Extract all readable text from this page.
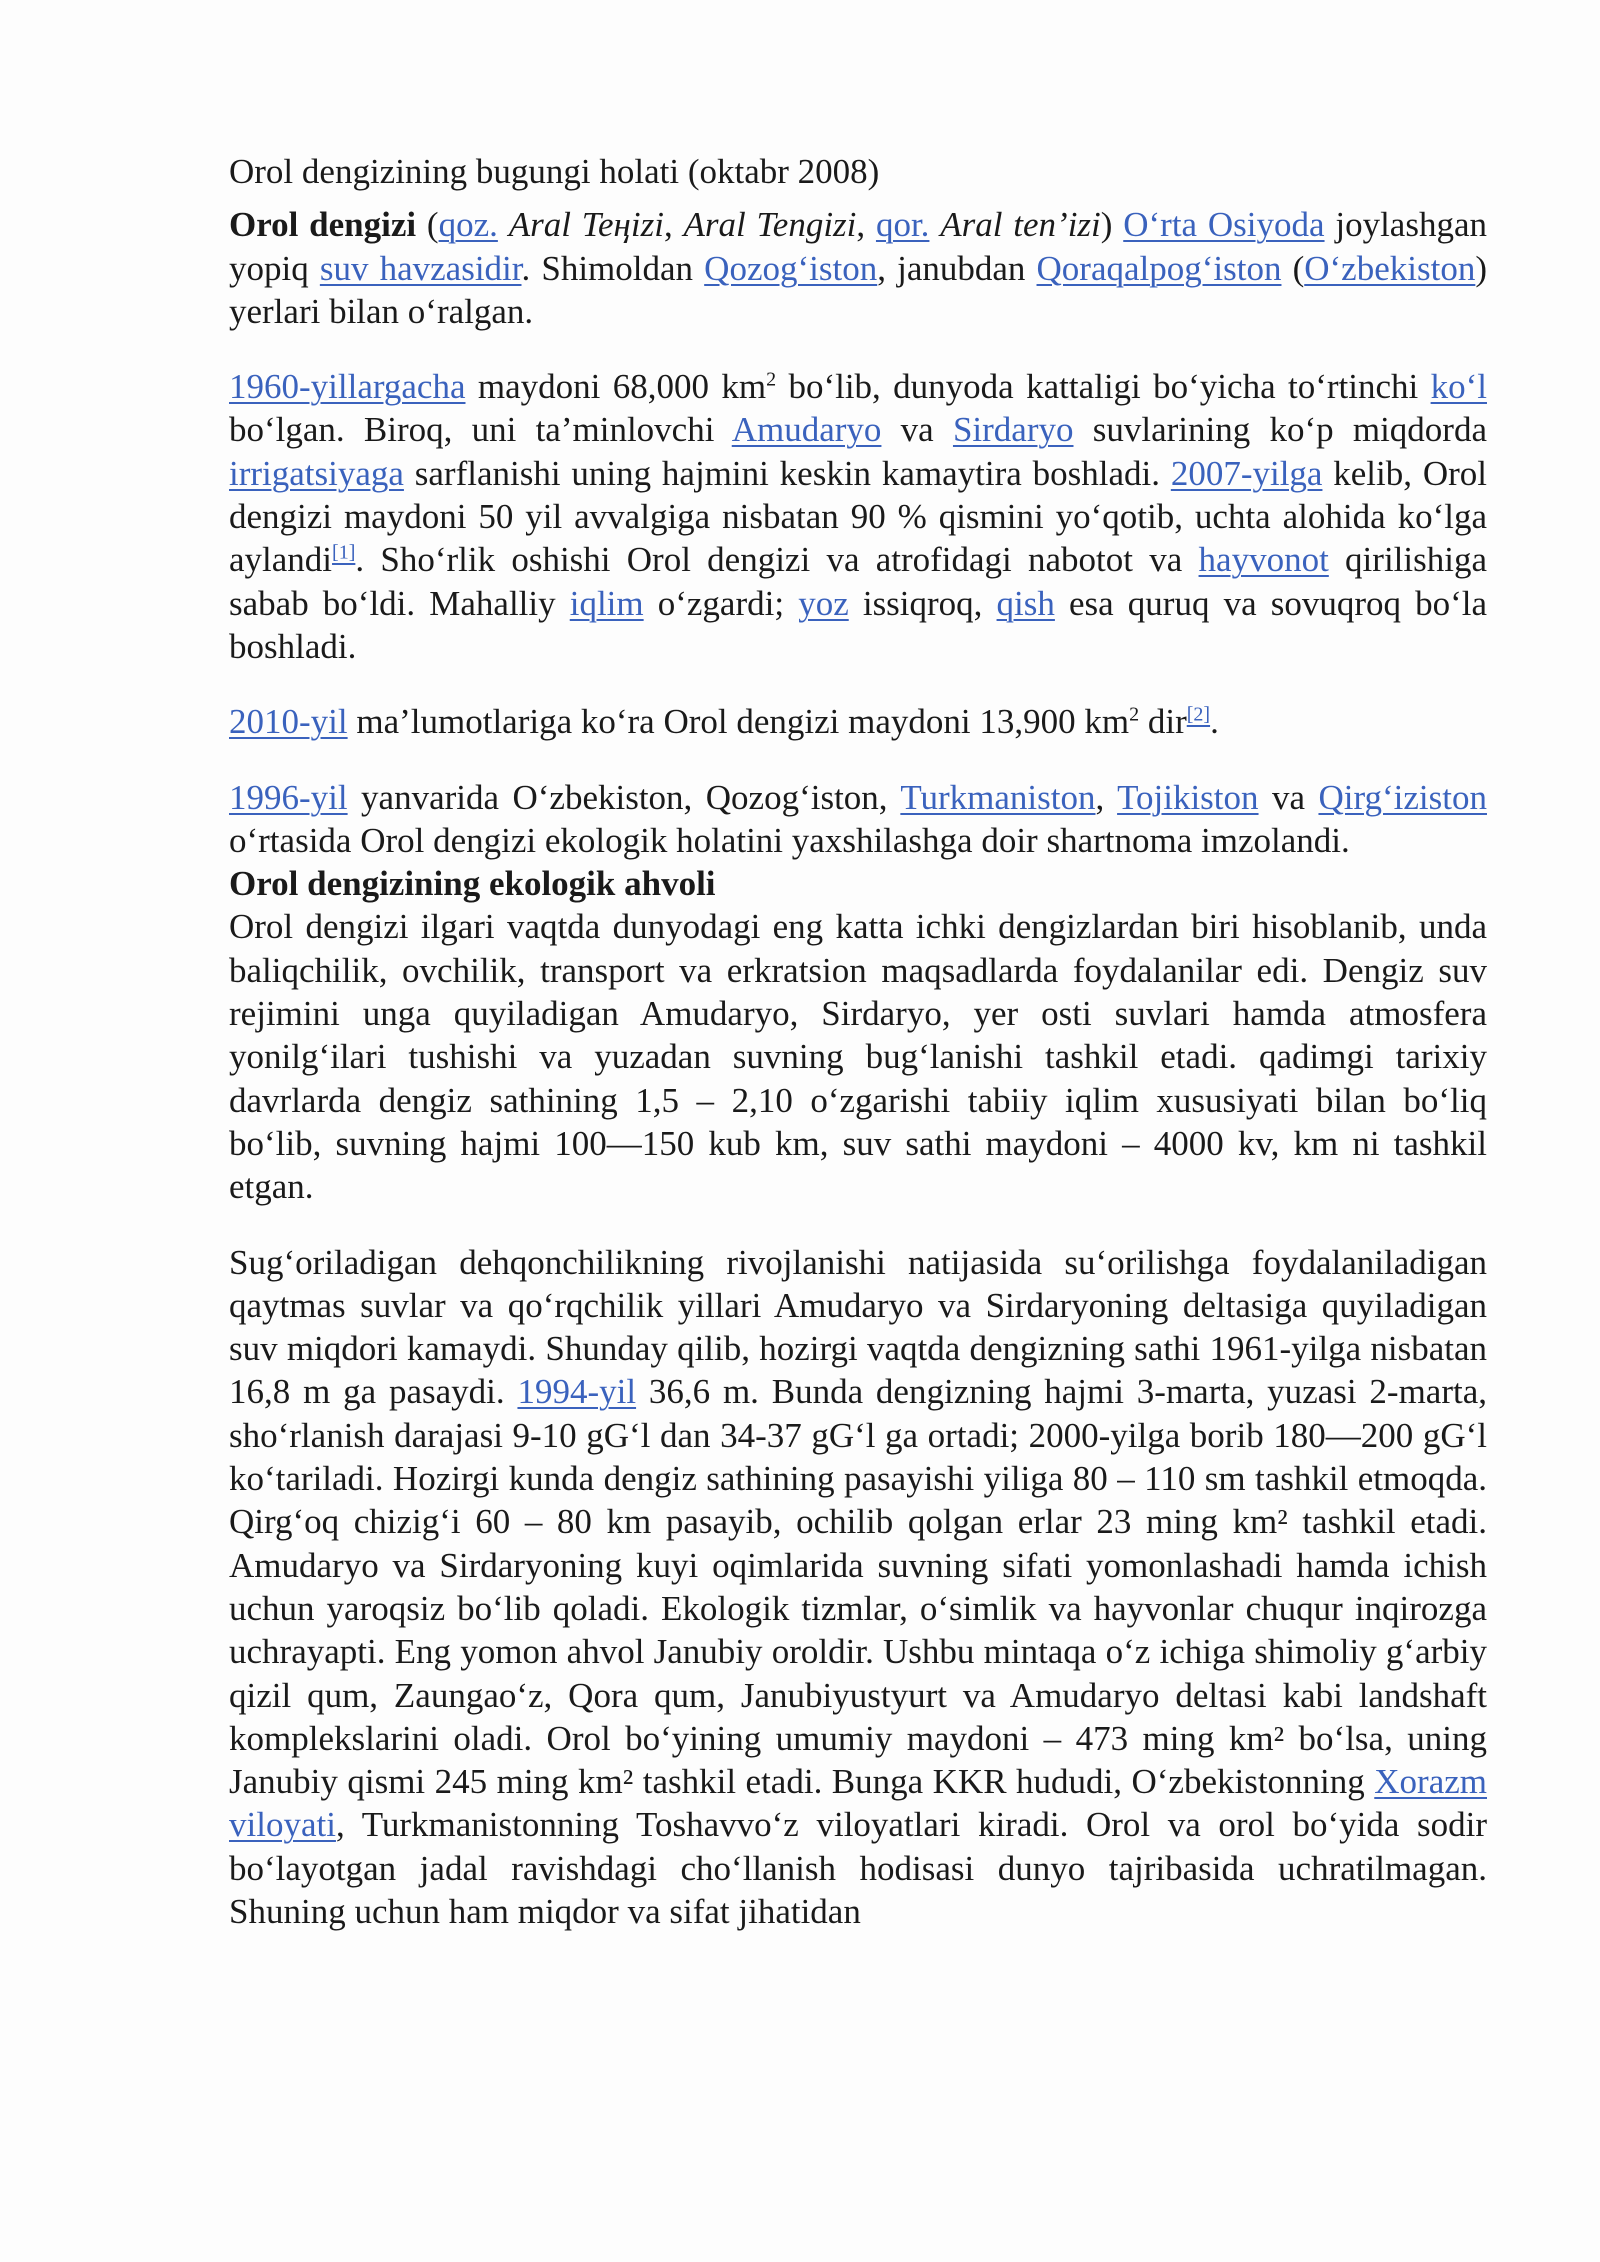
Orol dengizining bugungi holati (oktabr 2008)

Orol dengizi (qoz. Aral Teңizi, Aral Tengizi, qor. Aral ten’izi) O‘rta Osiyoda joylashgan yopiq suv havzasidir. Shimoldan Qozog‘iston, janubdan Qoraqalpog‘iston (O‘zbekiston) yerlari bilan o‘ralgan.

1960-yillargacha maydoni 68,000 $km^2$ bo‘lib, dunyoda kattaligi bo‘yicha to‘rtinchi ko‘l bo‘lgan. Biroq, uni ta’minlovchi Amudaryo va Sirdaryo suvlarining ko‘p miqdorda irrigatsiyaga sarflanishi uning hajmini keskin kamaytira boshladi. 2007-yilga kelib, Orol dengizi maydoni 50 yil avvalgiga nisbatan 90 % qismini yo‘qotib, uchta alohida ko‘lga aylandi[1]. Sho‘rlik oshishi Orol dengizi va atrofidagi nabotot va hayvonot qirilishiga sabab bo‘ldi. Mahalliy iqlim o‘zgardi; yoz issiqroq, qish esa quruq va sovuqroq bo‘la boshladi.

2010-yil ma’lumotlariga ko‘ra Orol dengizi maydoni 13,900 $km^2$ dir[2].

1996-yil yanvarida O‘zbekiston, Qozog‘iston, Turkmaniston, Tojikiston va Qirg‘iziston o‘rtasida Orol dengizi ekologik holatini yaxshilashga doir shartnoma imzolandi.

Orol dengizining ekologik ahvoli

Orol dengizi ilgari vaqtda dunyodagi eng katta ichki dengizlardan biri hisoblanib, unda baliqchilik, ovchilik, transport va erkratsion maqsadlarda foydalanilar edi. Dengiz suv rejimini unga quyiladigan Amudaryo, Sirdaryo, yer osti suvlari hamda atmosfera yonilg‘ilari tushishi va yuzadan suvning bug‘lanishi tashkil etadi. qadimgi tarixiy davrlarda dengiz sathining 1,5 – 2,10 o‘zgarishi tabiiy iqlim xususiyati bilan bo‘liq bo‘lib, suvning hajmi 100—150 kub km, suv sathi maydoni – 4000 kv, km ni tashkil etgan.

Sug‘oriladigan dehqonchilikning rivojlanishi natijasida su‘orilishga foydalaniladigan qaytmas suvlar va qo‘rqchilik yillari Amudaryo va Sirdaryoning deltasiga quyiladigan suv miqdori kamaydi. Shunday qilib, hozirgi vaqtda dengizning sathi 1961-yilga nisbatan 16,8 m ga pasaydi. 1994-yil 36,6 m. Bunda dengizning hajmi 3-marta, yuzasi 2-marta, sho‘rlanish darajasi 9-10 gG‘l dan 34-37 gG‘l ga ortadi; 2000-yilga borib 180—200 gG‘l ko‘tariladi. Hozirgi kunda dengiz sathining pasayishi yiliga 80 – 110 sm tashkil etmoqda. Qirg‘oq chizig‘i 60 – 80 km pasayib, ochilib qolgan erlar 23 ming km² tashkil etadi. Amudaryo va Sirdaryoning kuyi oqimlarida suvning sifati yomonlashadi hamda ichish uchun yaroqsiz bo‘lib qoladi. Ekologik tizmlar, o‘simlik va hayvonlar chuqur inqirozga uchrayapti. Eng yomon ahvol Janubiy oroldir. Ushbu mintaqa o‘z ichiga shimoliy g‘arbiy qizil qum, Zaungao‘z, Qora qum, Janubiyustyurt va Amudaryo deltasi kabi landshaft komplekslarini oladi. Orol bo‘yining umumiy maydoni – 473 ming km² bo‘lsa, uning Janubiy qismi 245 ming km² tashkil etadi. Bunga KKR hududi, O‘zbekistonning Xorazm viloyati, Turkmanistonning Toshavvo‘z viloyatlari kiradi. Orol va orol bo‘yida sodir bo‘layotgan jadal ravishdagi cho‘llanish hodisasi dunyo tajribasida uchratilmagan. Shuning uchun ham miqdor va sifat jihatidan
